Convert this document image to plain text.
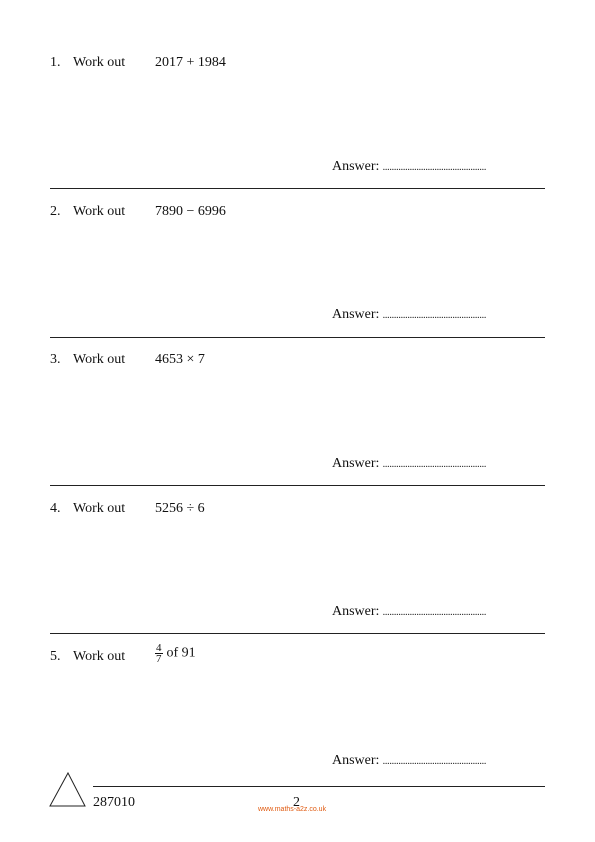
1. Work out 2017 + 1984
Answer: ..............................................
2. Work out 7890 − 6996
Answer: ..............................................
3. Work out 4653 × 7
Answer: ..............................................
4. Work out 5256 ÷ 6
Answer: ..............................................
5. Work out	$\frac{4}{7}$ of 91
Answer: ..............................................
287010	2
www.maths-a2z.co.uk
